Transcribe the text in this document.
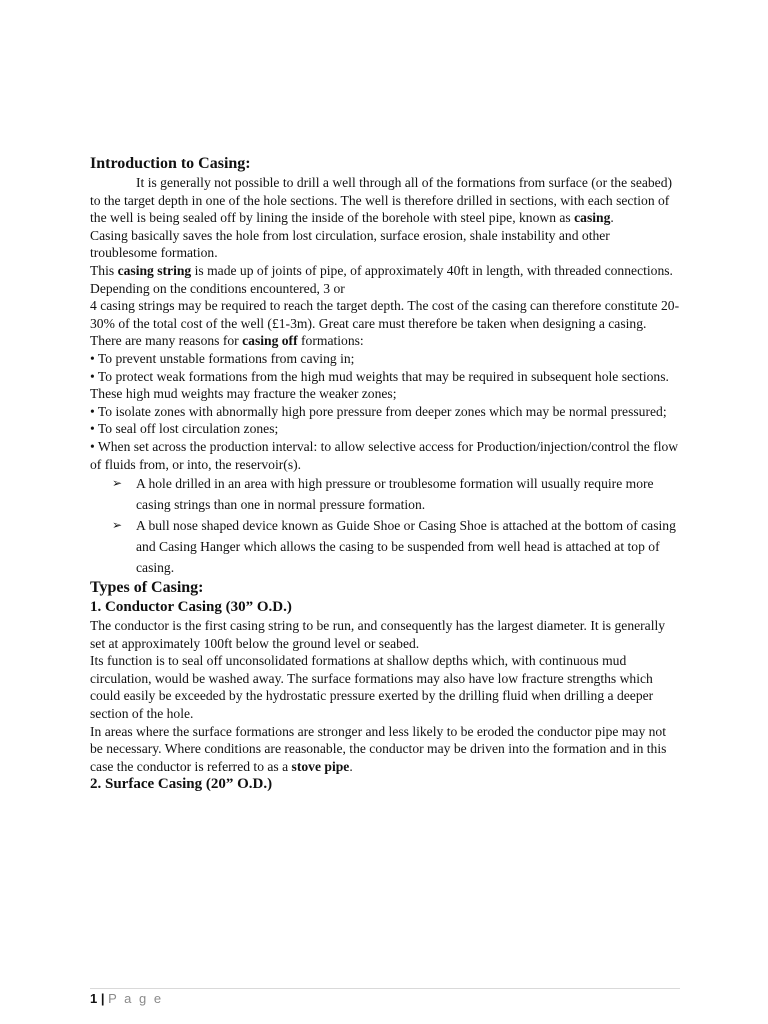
Introduction to Casing:

It is generally not possible to drill a well through all of the formations from surface (or the seabed) to the target depth in one of the hole sections. The well is therefore drilled in sections, with each section of the well is being sealed off by lining the inside of the borehole with steel pipe, known as casing.

Casing basically saves the hole from lost circulation, surface erosion, shale instability and other troublesome formation.

This casing string is made up of joints of pipe, of approximately 40ft in length, with threaded connections. Depending on the conditions encountered, 3 or

4 casing strings may be required to reach the target depth. The cost of the casing can therefore constitute 20-30% of the total cost of the well (£1-3m). Great care must therefore be taken when designing a casing. There are many reasons for casing off formations:

• To prevent unstable formations from caving in;

• To protect weak formations from the high mud weights that may be required in subsequent hole sections. These high mud weights may fracture the weaker zones;

• To isolate zones with abnormally high pore pressure from deeper zones which may be normal pressured;

• To seal off lost circulation zones;

• When set across the production interval: to allow selective access for Production/injection/control the flow of fluids from, or into, the reservoir(s).

➢ A hole drilled in an area with high pressure or troublesome formation will usually require more casing strings than one in normal pressure formation.
➢ A bull nose shaped device known as Guide Shoe or Casing Shoe is attached at the bottom of casing and Casing Hanger which allows the casing to be suspended from well head is attached at top of casing.
Types of Casing:
1. Conductor Casing (30” O.D.)

The conductor is the first casing string to be run, and consequently has the largest diameter. It is generally set at approximately 100ft below the ground level or seabed.

Its function is to seal off unconsolidated formations at shallow depths which, with continuous mud circulation, would be washed away. The surface formations may also have low fracture strengths which could easily be exceeded by the hydrostatic pressure exerted by the drilling fluid when drilling a deeper section of the hole.

In areas where the surface formations are stronger and less likely to be eroded the conductor pipe may not be necessary. Where conditions are reasonable, the conductor may be driven into the formation and in this case the conductor is referred to as a stove pipe.

2. Surface Casing (20” O.D.)
1 | P a g e
